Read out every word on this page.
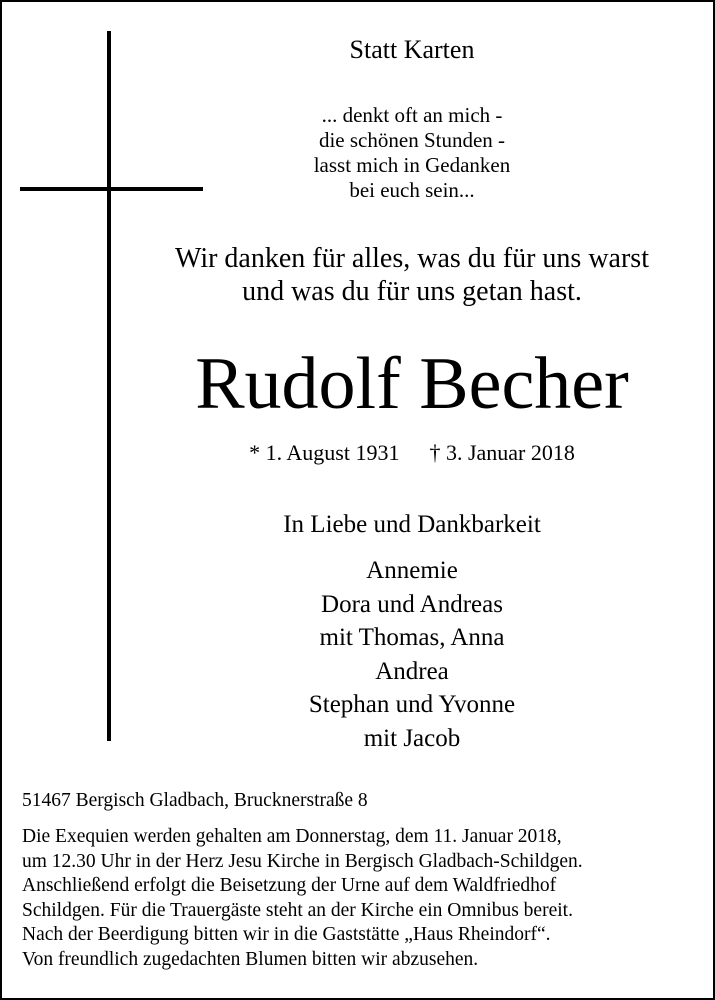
Statt Karten
... denkt oft an mich -
die schönen Stunden -
lasst mich in Gedanken
bei euch sein...
Wir danken für alles, was du für uns warst
und was du für uns getan hast.
Rudolf Becher
* 1. August 1931 † 3. Januar 2018
In Liebe und Dankbarkeit
Annemie
Dora und Andreas
mit Thomas, Anna
Andrea
Stephan und Yvonne
mit Jacob
51467 Bergisch Gladbach, Brucknerstraße 8
Die Exequien werden gehalten am Donnerstag, dem 11. Januar 2018,
um 12.30 Uhr in der Herz Jesu Kirche in Bergisch Gladbach-Schildgen.
Anschließend erfolgt die Beisetzung der Urne auf dem Waldfriedhof
Schildgen. Für die Trauergäste steht an der Kirche ein Omnibus bereit.
Nach der Beerdigung bitten wir in die Gaststätte „Haus Rheindorf“.
Von freundlich zugedachten Blumen bitten wir abzusehen.
